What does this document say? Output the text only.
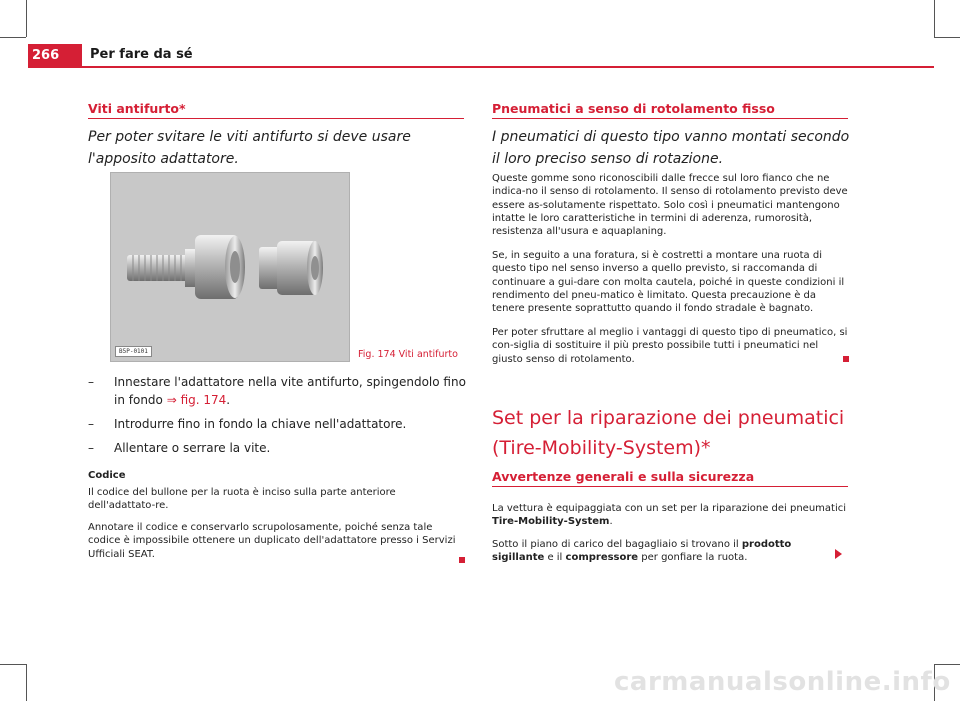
266	Per fare da sé
Viti antifurto*
Per poter svitare le viti antifurto si deve usare l'apposito adattatore.
B5P-0101	Fig. 174 Viti antifurto
– Innestare l'adattatore nella vite antifurto, spingendolo fino in fondo ⇒ fig. 174.
– Introdurre fino in fondo la chiave nell'adattatore.
– Allentare o serrare la vite.
Codice
Il codice del bullone per la ruota è inciso sulla parte anteriore dell'adattato-re.
Annotare il codice e conservarlo scrupolosamente, poiché senza tale codice è impossibile ottenere un duplicato dell'adattatore presso i Servizi Ufficiali SEAT.
Pneumatici a senso di rotolamento fisso
I pneumatici di questo tipo vanno montati secondo il loro preciso senso di rotazione.
Queste gomme sono riconoscibili dalle frecce sul loro fianco che ne indica-no il senso di rotolamento. Il senso di rotolamento previsto deve essere as-solutamente rispettato. Solo così i pneumatici mantengono intatte le loro caratteristiche in termini di aderenza, rumorosità, resistenza all'usura e aquaplaning.
Se, in seguito a una foratura, si è costretti a montare una ruota di questo tipo nel senso inverso a quello previsto, si raccomanda di continuare a gui-dare con molta cautela, poiché in queste condizioni il rendimento del pneu-matico è limitato. Questa precauzione è da tenere presente soprattutto quando il fondo stradale è bagnato.
Per poter sfruttare al meglio i vantaggi di questo tipo di pneumatico, si con-siglia di sostituire il più presto possibile tutti i pneumatici nel giusto senso di rotolamento.
Set per la riparazione dei pneumatici (Tire-Mobility-System)*
Avvertenze generali e sulla sicurezza
La vettura è equipaggiata con un set per la riparazione dei pneumatici Tire-Mobility-System.
Sotto il piano di carico del bagagliaio si trovano il prodotto sigillante e il compressore per gonfiare la ruota.
carmanualsonline.info
